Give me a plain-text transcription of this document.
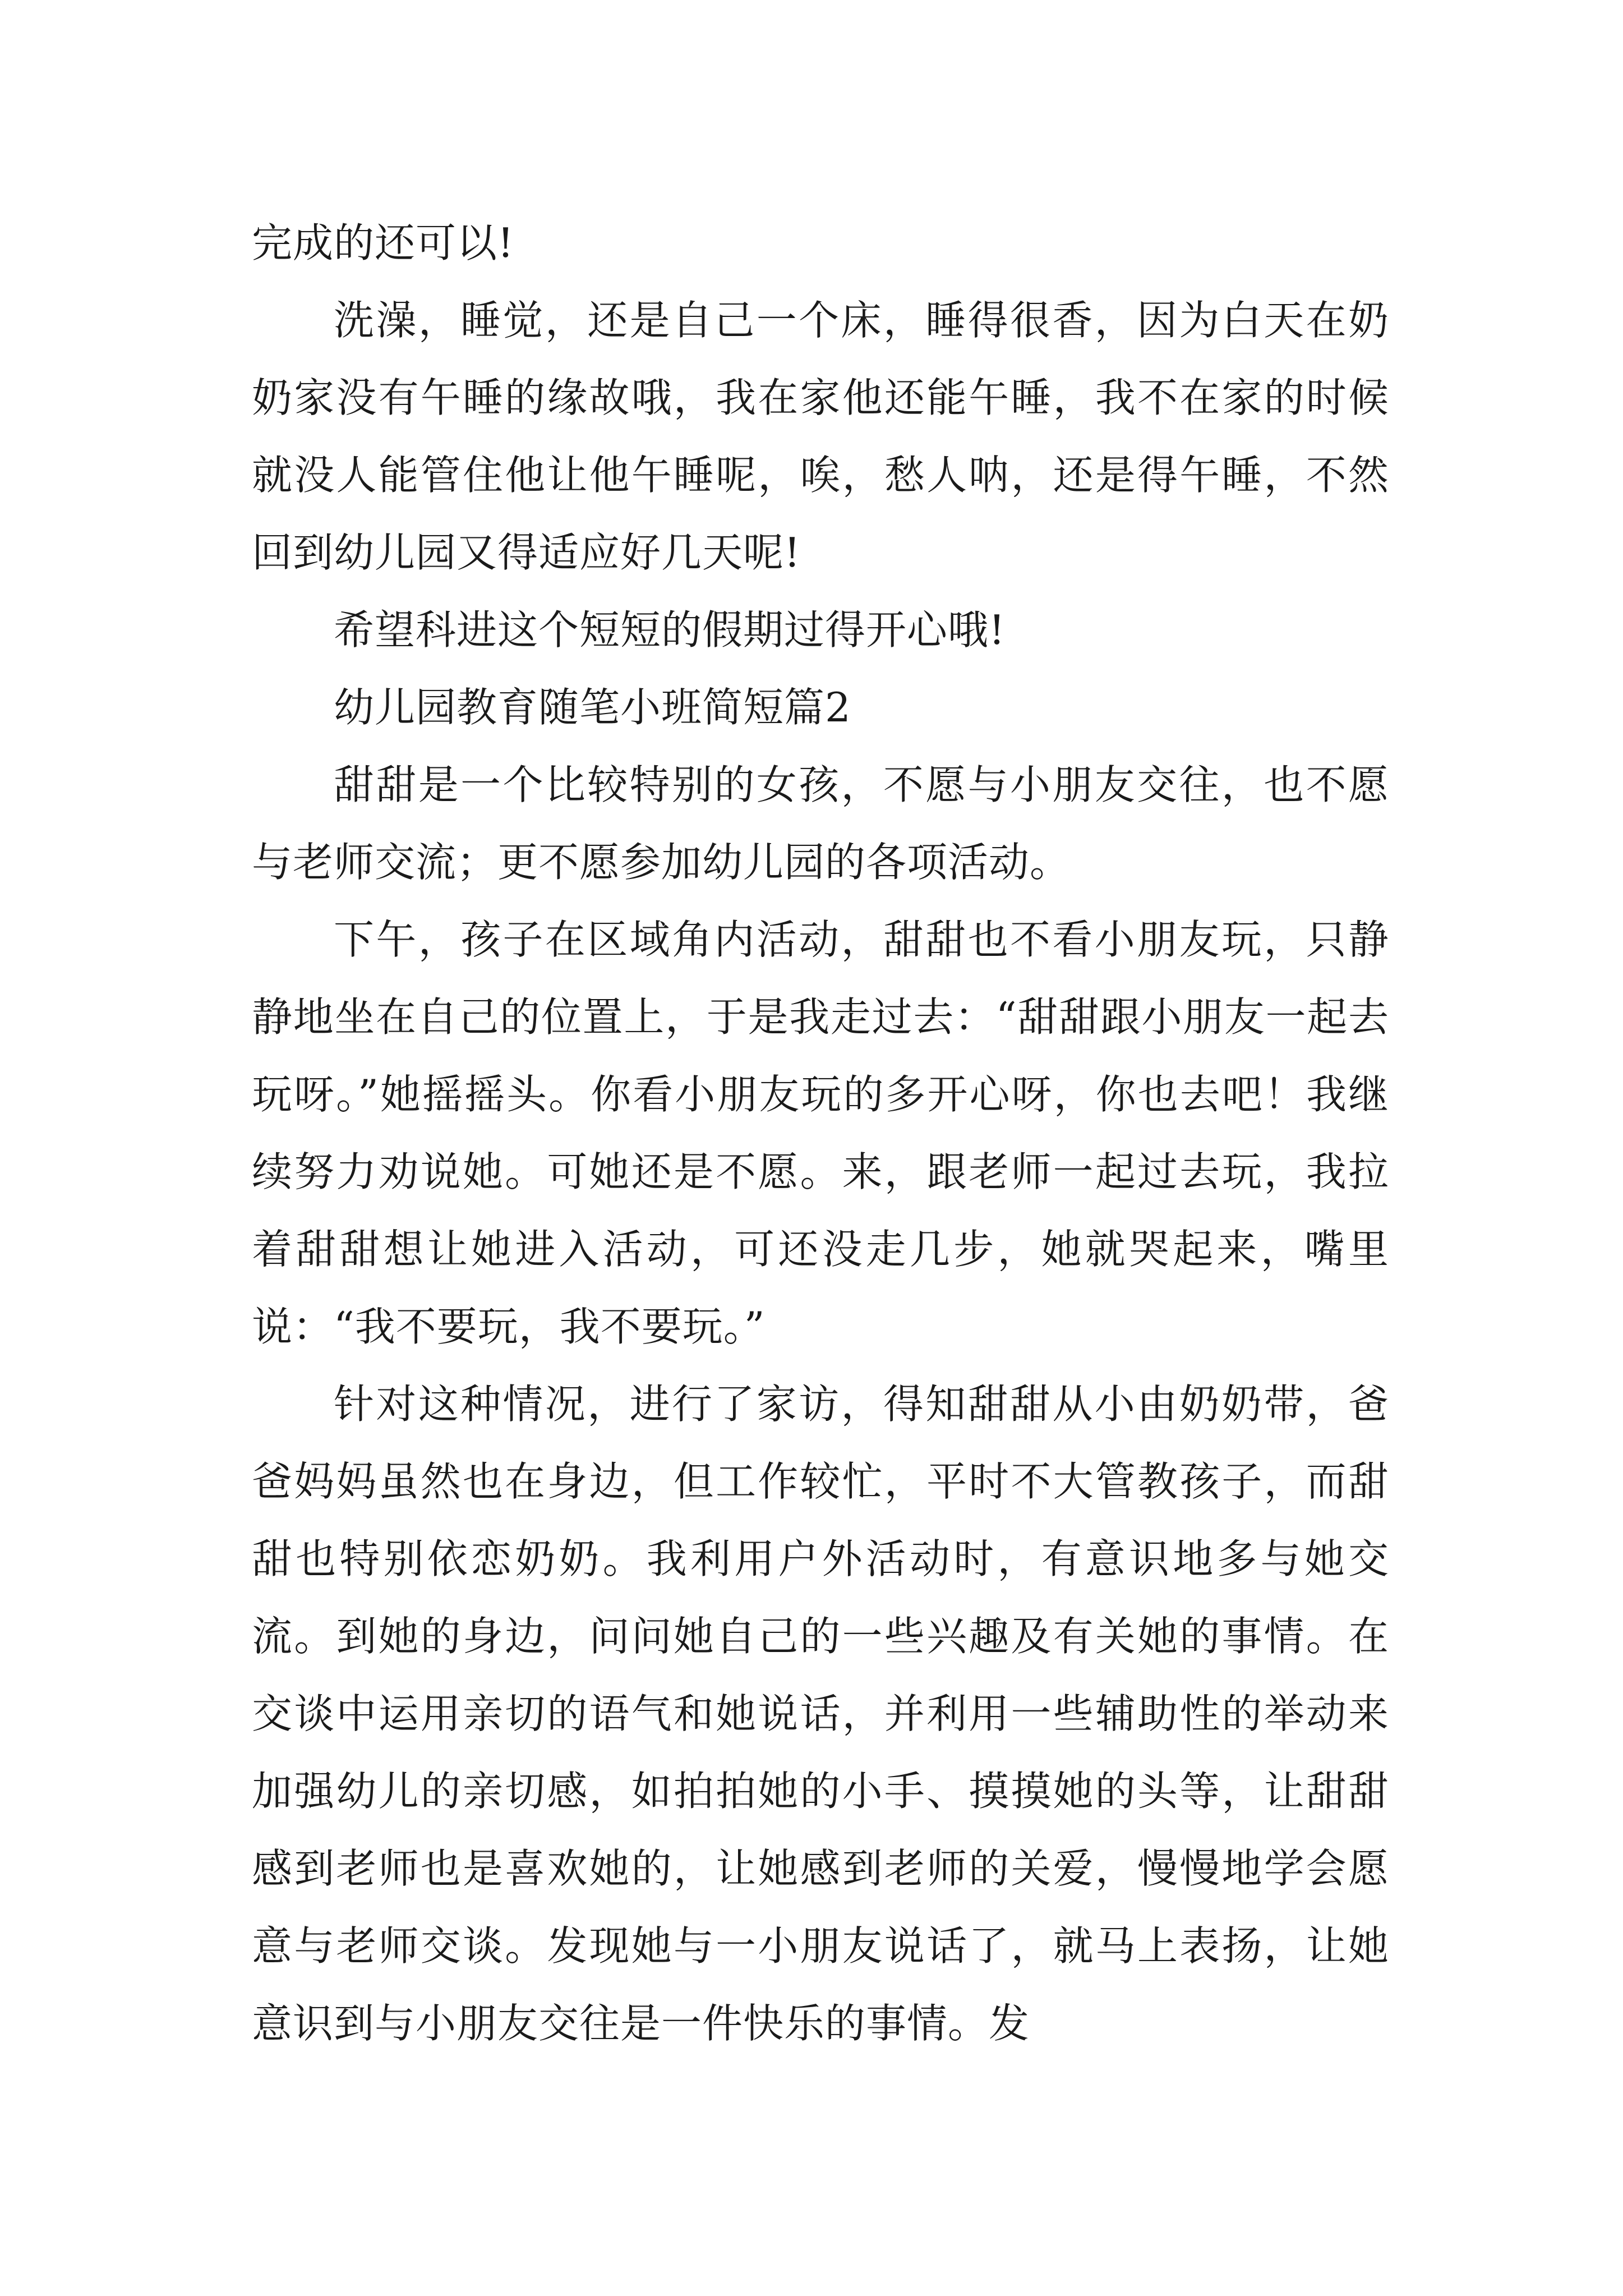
完成的还可以!

洗澡，睡觉，还是自己一个床，睡得很香，因为白天在奶奶家没有午睡的缘故哦，我在家他还能午睡，我不在家的时候就没人能管住他让他午睡呢，唉，愁人呐，还是得午睡，不然回到幼儿园又得适应好几天呢!

希望科进这个短短的假期过得开心哦!

幼儿园教育随笔小班简短篇2

甜甜是一个比较特别的女孩，不愿与小朋友交往，也不愿与老师交流；更不愿参加幼儿园的各项活动。

下午，孩子在区域角内活动，甜甜也不看小朋友玩，只静静地坐在自己的位置上，于是我走过去：“甜甜跟小朋友一起去玩呀。”她摇摇头。你看小朋友玩的多开心呀，你也去吧！我继续努力劝说她。可她还是不愿。来，跟老师一起过去玩，我拉着甜甜想让她进入活动，可还没走几步，她就哭起来，嘴里说：“我不要玩，我不要玩。”

针对这种情况，进行了家访，得知甜甜从小由奶奶带，爸爸妈妈虽然也在身边，但工作较忙，平时不大管教孩子，而甜甜也特别依恋奶奶。我利用户外活动时，有意识地多与她交流。到她的身边，问问她自己的一些兴趣及有关她的事情。在交谈中运用亲切的语气和她说话，并利用一些辅助性的举动来加强幼儿的亲切感，如拍拍她的小手、摸摸她的头等，让甜甜感到老师也是喜欢她的，让她感到老师的关爱，慢慢地学会愿意与老师交谈。发现她与一小朋友说话了，就马上表扬，让她意识到与小朋友交往是一件快乐的事情。发
